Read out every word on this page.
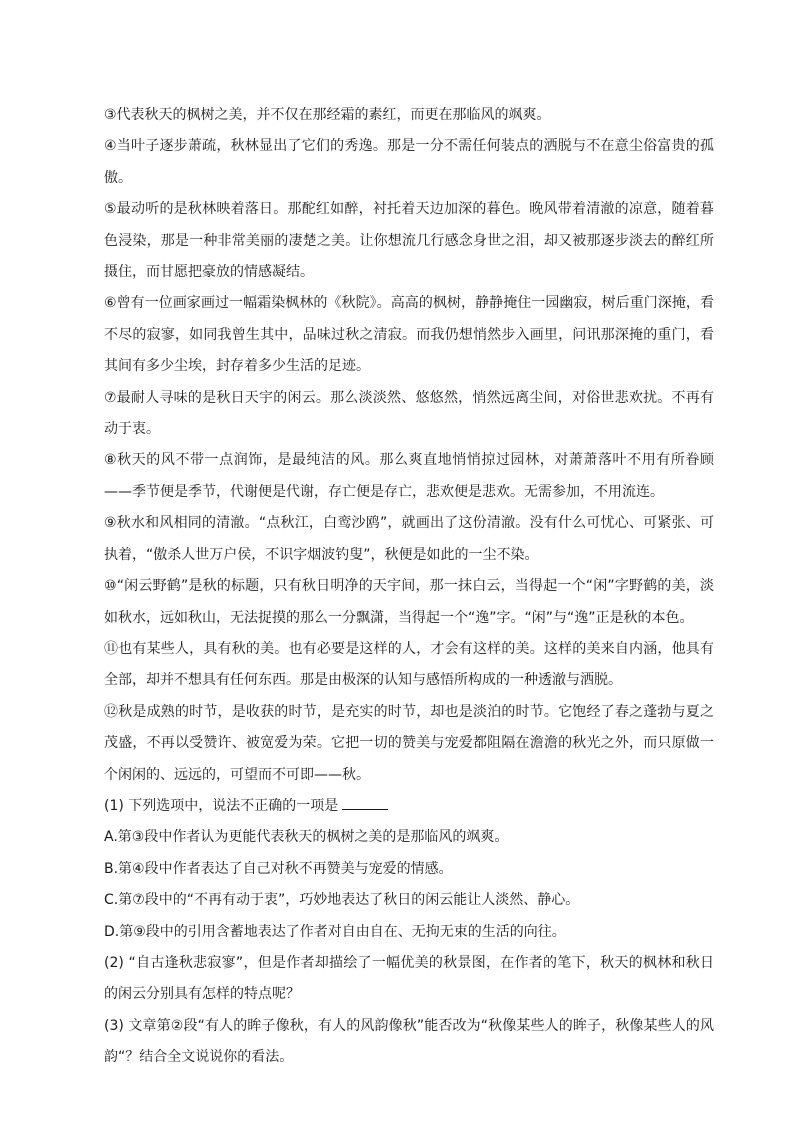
③代表秋天的枫树之美，并不仅在那经霜的素红，而更在那临风的飒爽。

④当叶子逐步萧疏，秋林显出了它们的秀逸。那是一分不需任何装点的洒脱与不在意尘俗富贵的孤傲。

⑤最动听的是秋林映着落日。那酡红如醉，衬托着天边加深的暮色。晚风带着清澈的凉意，随着暮色浸染，那是一种非常美丽的凄楚之美。让你想流几行感念身世之泪，却又被那逐步淡去的醉红所摄住，而甘愿把豪放的情感凝结。

⑥曾有一位画家画过一幅霜染枫林的《秋院》。高高的枫树，静静掩住一园幽寂，树后重门深掩，看不尽的寂寥，如同我曾生其中，品味过秋之清寂。而我仍想悄然步入画里，问讯那深掩的重门，看其间有多少尘埃，封存着多少生活的足迹。

⑦最耐人寻味的是秋日天宇的闲云。那么淡淡然、悠悠然，悄然远离尘间，对俗世悲欢扰。不再有动于衷。

⑧秋天的风不带一点润饰，是最纯洁的风。那么爽直地悄悄掠过园林，对萧萧落叶不用有所眷顾——季节便是季节，代谢便是代谢，存亡便是存亡，悲欢便是悲欢。无需参加，不用流连。

⑨秋水和风相同的清澈。“点秋江，白鸾沙鸥”，就画出了这份清澈。没有什么可忧心、可紧张、可执着，“傲杀人世万户侯，不识字烟波钓叟”，秋便是如此的一尘不染。

⑩“闲云野鹤”是秋的标题，只有秋日明净的天宇间，那一抹白云，当得起一个“闲”字野鹤的美，淡如秋水，远如秋山，无法捉摸的那么一分飘潇，当得起一个“逸”字。“闲”与“逸”正是秋的本色。

⑪也有某些人，具有秋的美。也有必要是这样的人，才会有这样的美。这样的美来自内涵，他具有全部，却并不想具有任何东西。那是由极深的认知与感悟所构成的一种透澈与洒脱。

⑫秋是成熟的时节，是收获的时节，是充实的时节，却也是淡泊的时节。它饱经了春之蓬勃与夏之茂盛，不再以受赞许、被宽爱为荣。它把一切的赞美与宠爱都阻隔在澹澹的秋光之外，而只原做一个闲闲的、远远的，可望而不可即——秋。

(1) 下列选项中，说法不正确的一项是

A.第③段中作者认为更能代表秋天的枫树之美的是那临风的飒爽。

B.第④段中作者表达了自己对秋不再赞美与宠爱的情感。

C.第⑦段中的“不再有动于衷”，巧妙地表达了秋日的闲云能让人淡然、静心。

D.第⑨段中的引用含蓄地表达了作者对自由自在、无拘无束的生活的向往。

(2) “自古逢秋悲寂寥”，但是作者却描绘了一幅优美的秋景图，在作者的笔下，秋天的枫林和秋日的闲云分别具有怎样的特点呢？

(3) 文章第②段“有人的眸子像秋，有人的风韵像秋”能否改为“秋像某些人的眸子，秋像某些人的风韵“？结合全文说说你的看法。
